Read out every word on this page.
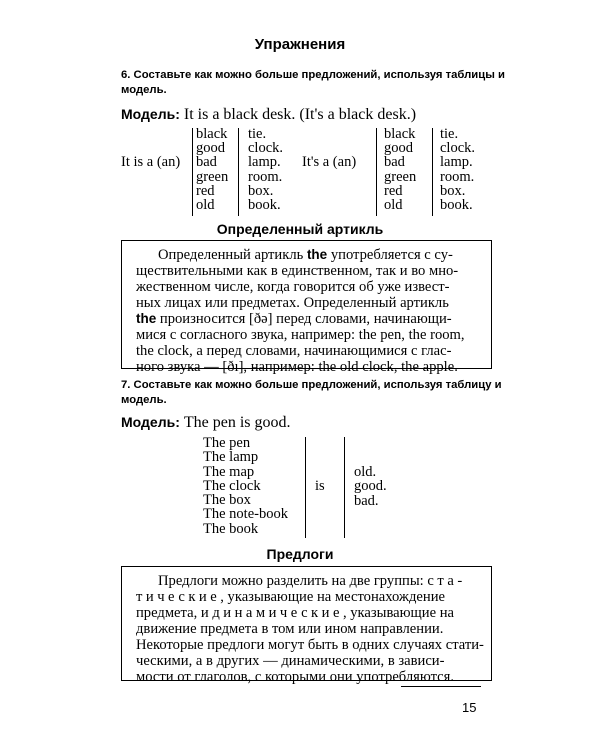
Упражнения
6. Составьте как можно больше предложений, используя таблицы и
модель.
Модель: It is a black desk. (It's a black desk.)
It is a (an)
black
good
bad
green
red
old
tie.
clock.
lamp.
room.
box.
book.
It's a (an)
black
good
bad
green
red
old
tie.
clock.
lamp.
room.
box.
book.
Определенный артикль
Определенный артикль the употребляется с су-
ществительными как в единственном, так и во мно-
жественном числе, когда говорится об уже извест-
ных лицах или предметах. Определенный артикль
the произносится [ðə] перед словами, начинающи-
мися с согласного звука, например: the pen, the room,
the clock, а перед словами, начинающимися с глас-
ного звука — [ðı], например: the old clock, the apple.
7. Составьте как можно больше предложений, используя таблицу и
модель.
Модель: The pen is good.
The pen
The lamp
The map
The clock
The box
The note-book
The book
is
old.
good.
bad.
Предлоги
Предлоги можно разделить на две группы: ста-
тические, указывающие на местонахождение
предмета, и динамические, указывающие на
движение предмета в том или ином направлении.
Некоторые предлоги могут быть в одних случаях стати-
ческими, а в других — динамическими, в зависи-
мости от глаголов, с которыми они употребляются.
15
